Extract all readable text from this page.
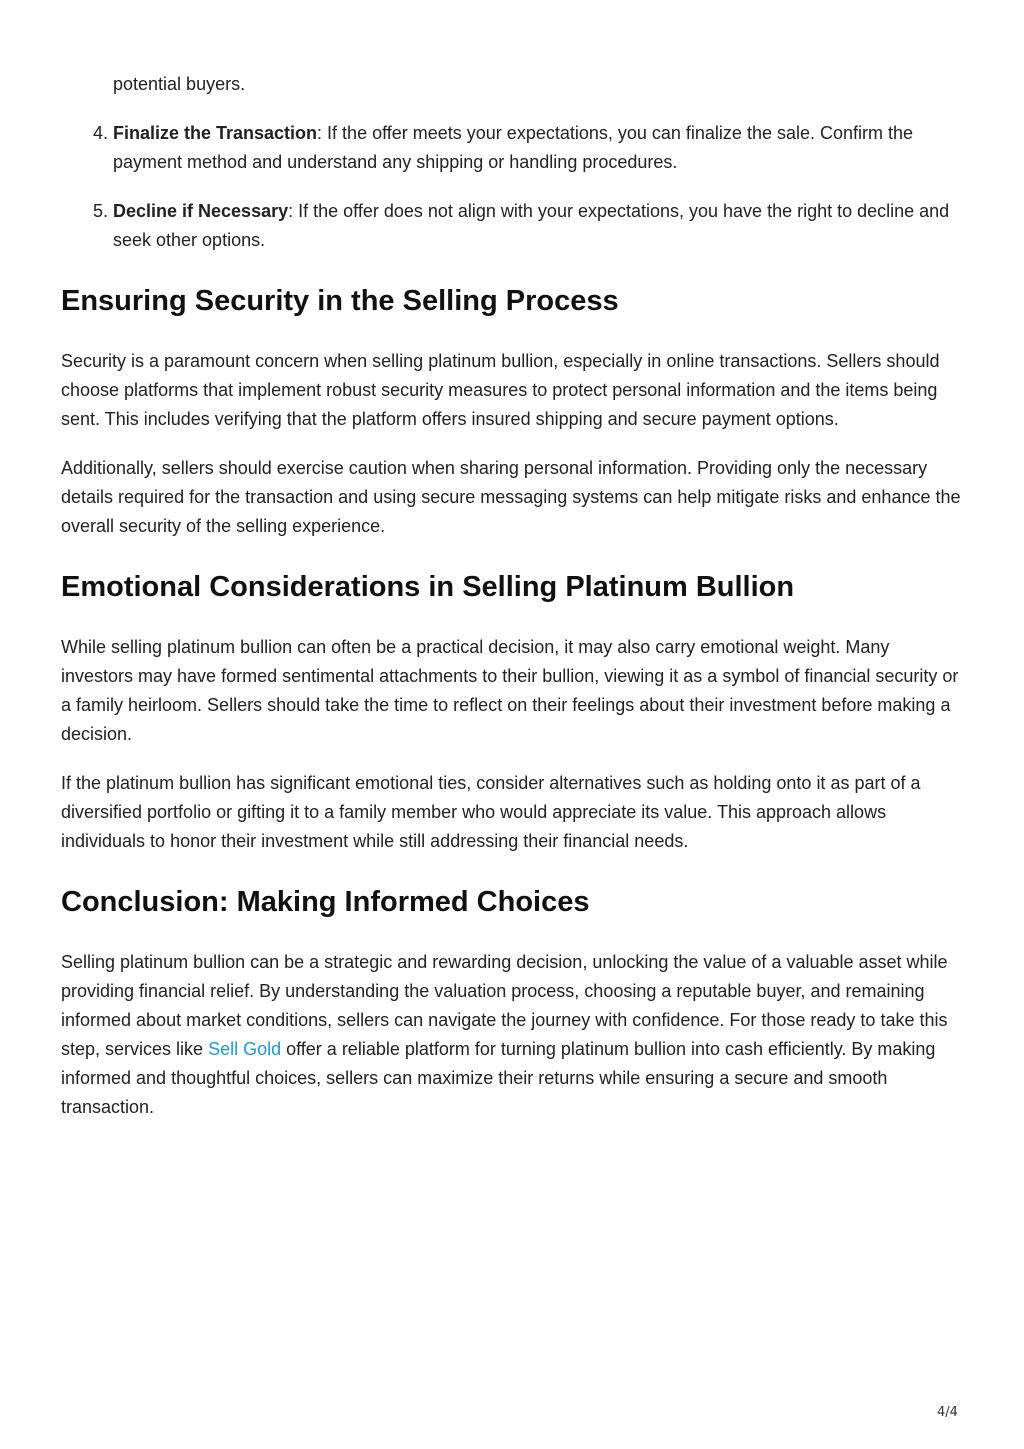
potential buyers.

4. Finalize the Transaction: If the offer meets your expectations, you can finalize the sale. Confirm the payment method and understand any shipping or handling procedures.
5. Decline if Necessary: If the offer does not align with your expectations, you have the right to decline and seek other options.
Ensuring Security in the Selling Process

Security is a paramount concern when selling platinum bullion, especially in online transactions. Sellers should choose platforms that implement robust security measures to protect personal information and the items being sent. This includes verifying that the platform offers insured shipping and secure payment options.

Additionally, sellers should exercise caution when sharing personal information. Providing only the necessary details required for the transaction and using secure messaging systems can help mitigate risks and enhance the overall security of the selling experience.

Emotional Considerations in Selling Platinum Bullion

While selling platinum bullion can often be a practical decision, it may also carry emotional weight. Many investors may have formed sentimental attachments to their bullion, viewing it as a symbol of financial security or a family heirloom. Sellers should take the time to reflect on their feelings about their investment before making a decision.

If the platinum bullion has significant emotional ties, consider alternatives such as holding onto it as part of a diversified portfolio or gifting it to a family member who would appreciate its value. This approach allows individuals to honor their investment while still addressing their financial needs.

Conclusion: Making Informed Choices

Selling platinum bullion can be a strategic and rewarding decision, unlocking the value of a valuable asset while providing financial relief. By understanding the valuation process, choosing a reputable buyer, and remaining informed about market conditions, sellers can navigate the journey with confidence. For those ready to take this step, services like Sell Gold offer a reliable platform for turning platinum bullion into cash efficiently. By making informed and thoughtful choices, sellers can maximize their returns while ensuring a secure and smooth transaction.

4/4
